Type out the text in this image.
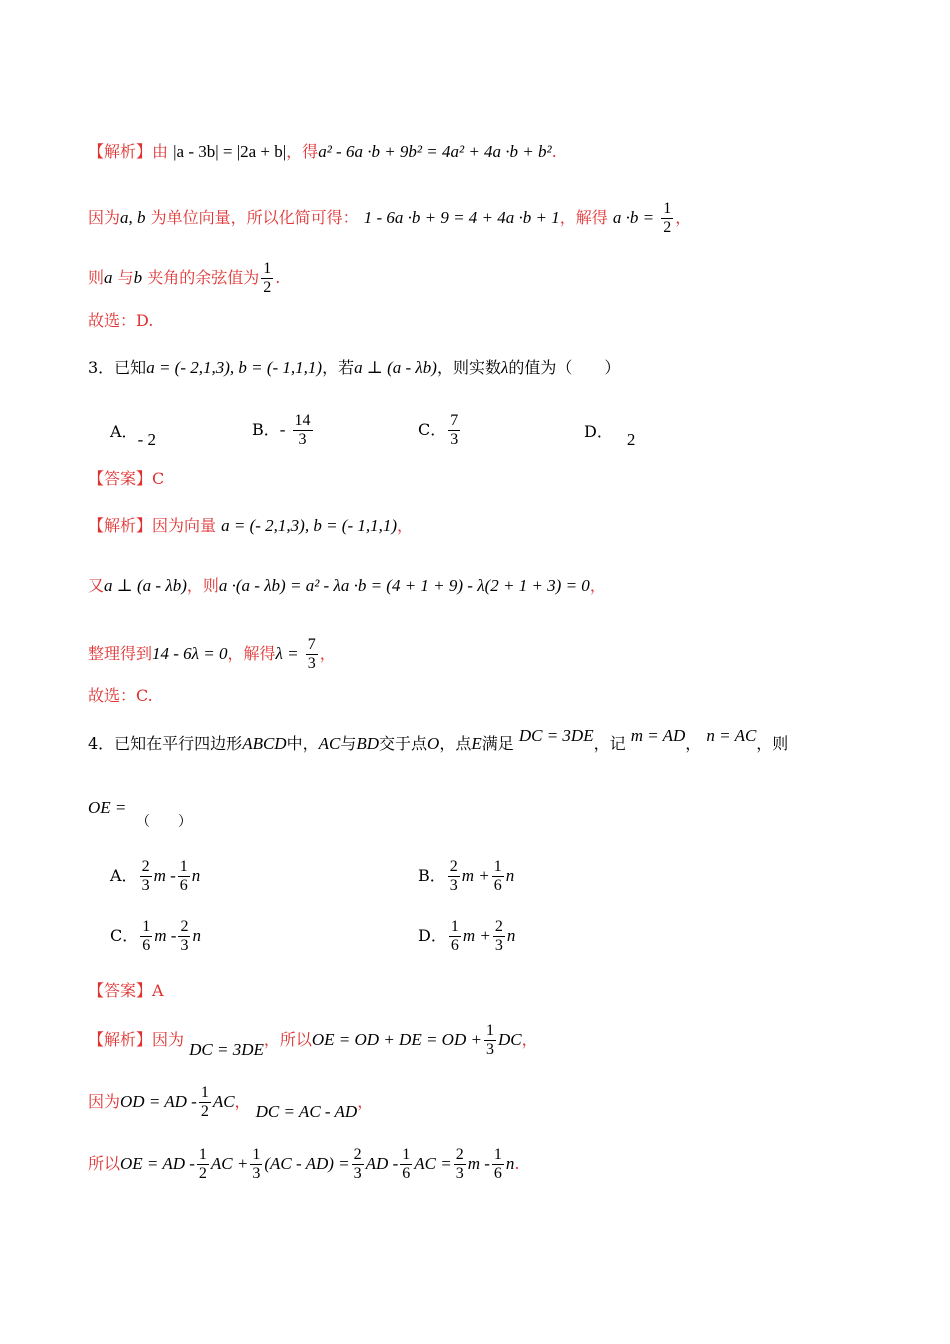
【解析】由 |a - 3b| = |2a + b|，得a² - 6a ·b + 9b² = 4a² + 4a ·b + b².
因为a, b 为单位向量，所以化简可得： 1 - 6a ·b + 9 = 4 + 4a ·b + 1，解得 $a \cdot b = \frac{1}{2}$ ，
则a 与b 夹角的余弦值为 $\frac{1}{2}$ .
故选：D.
3．已知a = (- 2,1,3), b = (- 1,1,1)，若a ⊥ (a - λb)，则实数λ的值为（　　）
A．- 2
B．- $\frac{14}{3}$	C． $\frac{7}{3}$	D． 2
【答案】C
【解析】因为向量 a = (- 2,1,3), b = (- 1,1,1)，
又a ⊥ (a - λb)，则a ·(a - λb) = a² - λa ·b = (4 + 1 + 9) - λ(2 + 1 + 3) = 0，
整理得到14 - 6λ = 0，解得$\lambda = \frac{7}{3}$ ，
故选：C.
4．已知在平行四边形ABCD中，AC与BD交于点O，点E满足 DC = 3DE，记 m = AD， n = AC，则
OE =
（　　）
A． $\frac{2}{3}$ m - $\frac{1}{6}$ n	B． $\frac{2}{3}$ $m + \frac{1}{6}$ n
C． $\frac{1}{6}$ m - $\frac{2}{3}$ n	D． $\frac{1}{6}$ $m + \frac{2}{3}$ n
【答案】A
【解析】因为 DC = 3DE，所以OE = OD + DE = OD + $\frac{1}{3}$ DC，
因为OD = AD - $\frac{1}{2}$ AC， DC = AC - AD，
所以OE = AD - $\frac{1}{2}$ AC + $\frac{1}{3} (AC - AD) = \frac{2}{3}$ AD - $\frac{1}{6}$ AC = $\frac{2}{3}$ m - $\frac{1}{6} n$.
